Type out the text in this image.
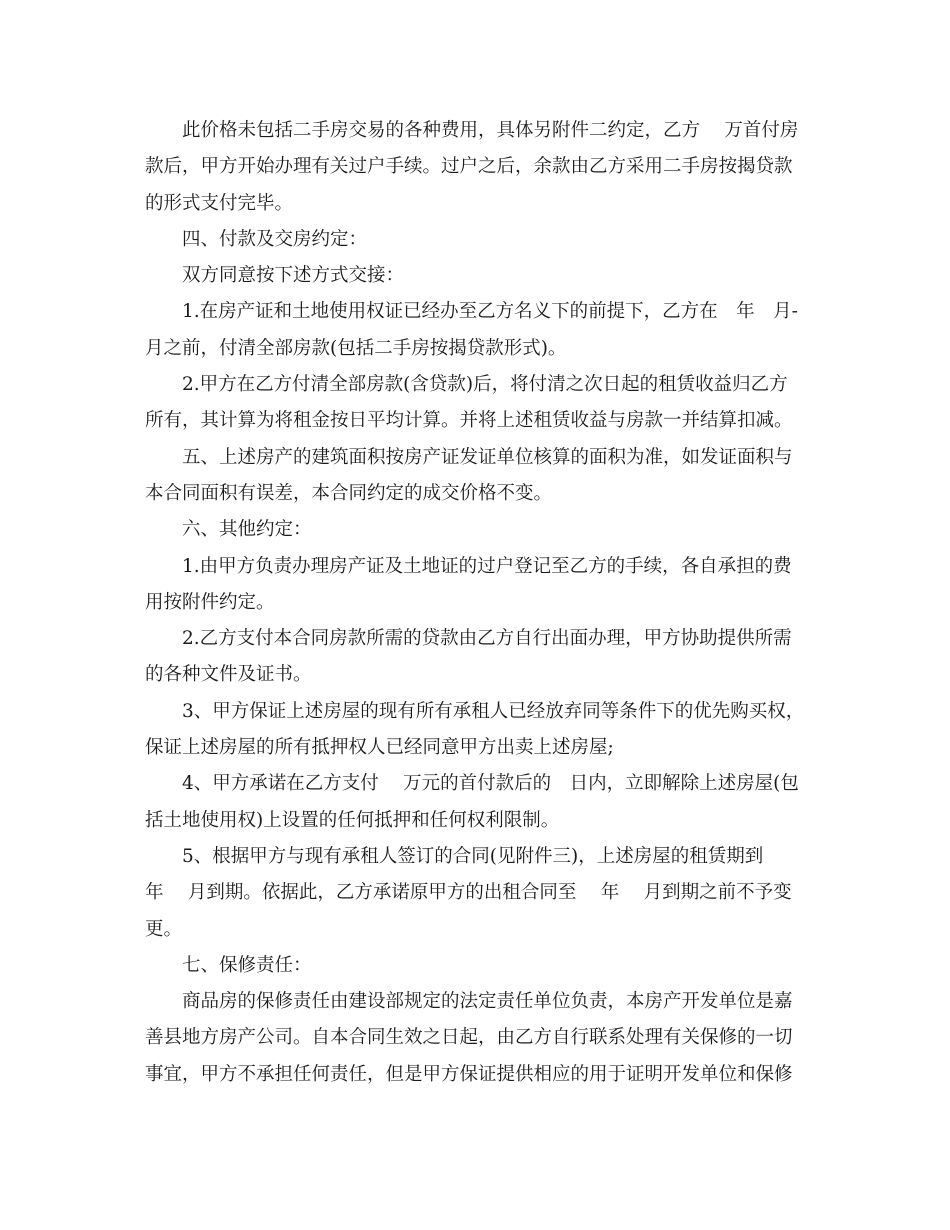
此价格未包括二手房交易的各种费用，具体另附件二约定，乙方　 万首付房
款后，甲方开始办理有关过户手续。过户之后，余款由乙方采用二手房按揭贷款
的形式支付完毕。
四、付款及交房约定：
双方同意按下述方式交接：
1.在房产证和土地使用权证已经办至乙方名义下的前提下，乙方在　年　月-
月之前，付清全部房款(包括二手房按揭贷款形式)。
2.甲方在乙方付清全部房款(含贷款)后，将付清之次日起的租赁收益归乙方
所有，其计算为将租金按日平均计算。并将上述租赁收益与房款一并结算扣减。
五、上述房产的建筑面积按房产证发证单位核算的面积为准，如发证面积与
本合同面积有误差，本合同约定的成交价格不变。
六、其他约定：
1.由甲方负责办理房产证及土地证的过户登记至乙方的手续，各自承担的费
用按附件约定。
2.乙方支付本合同房款所需的贷款由乙方自行出面办理，甲方协助提供所需
的各种文件及证书。
3、甲方保证上述房屋的现有所有承租人已经放弃同等条件下的优先购买权，
保证上述房屋的所有抵押权人已经同意甲方出卖上述房屋;
4、甲方承诺在乙方支付　 万元的首付款后的　日内，立即解除上述房屋(包
括土地使用权)上设置的任何抵押和任何权利限制。
5、根据甲方与现有承租人签订的合同(见附件三)，上述房屋的租赁期到
年　 月到期。依据此，乙方承诺原甲方的出租合同至　 年　 月到期之前不予变
更。
七、保修责任：
商品房的保修责任由建设部规定的法定责任单位负责，本房产开发单位是嘉
善县地方房产公司。自本合同生效之日起，由乙方自行联系处理有关保修的一切
事宜，甲方不承担任何责任，但是甲方保证提供相应的用于证明开发单位和保修
